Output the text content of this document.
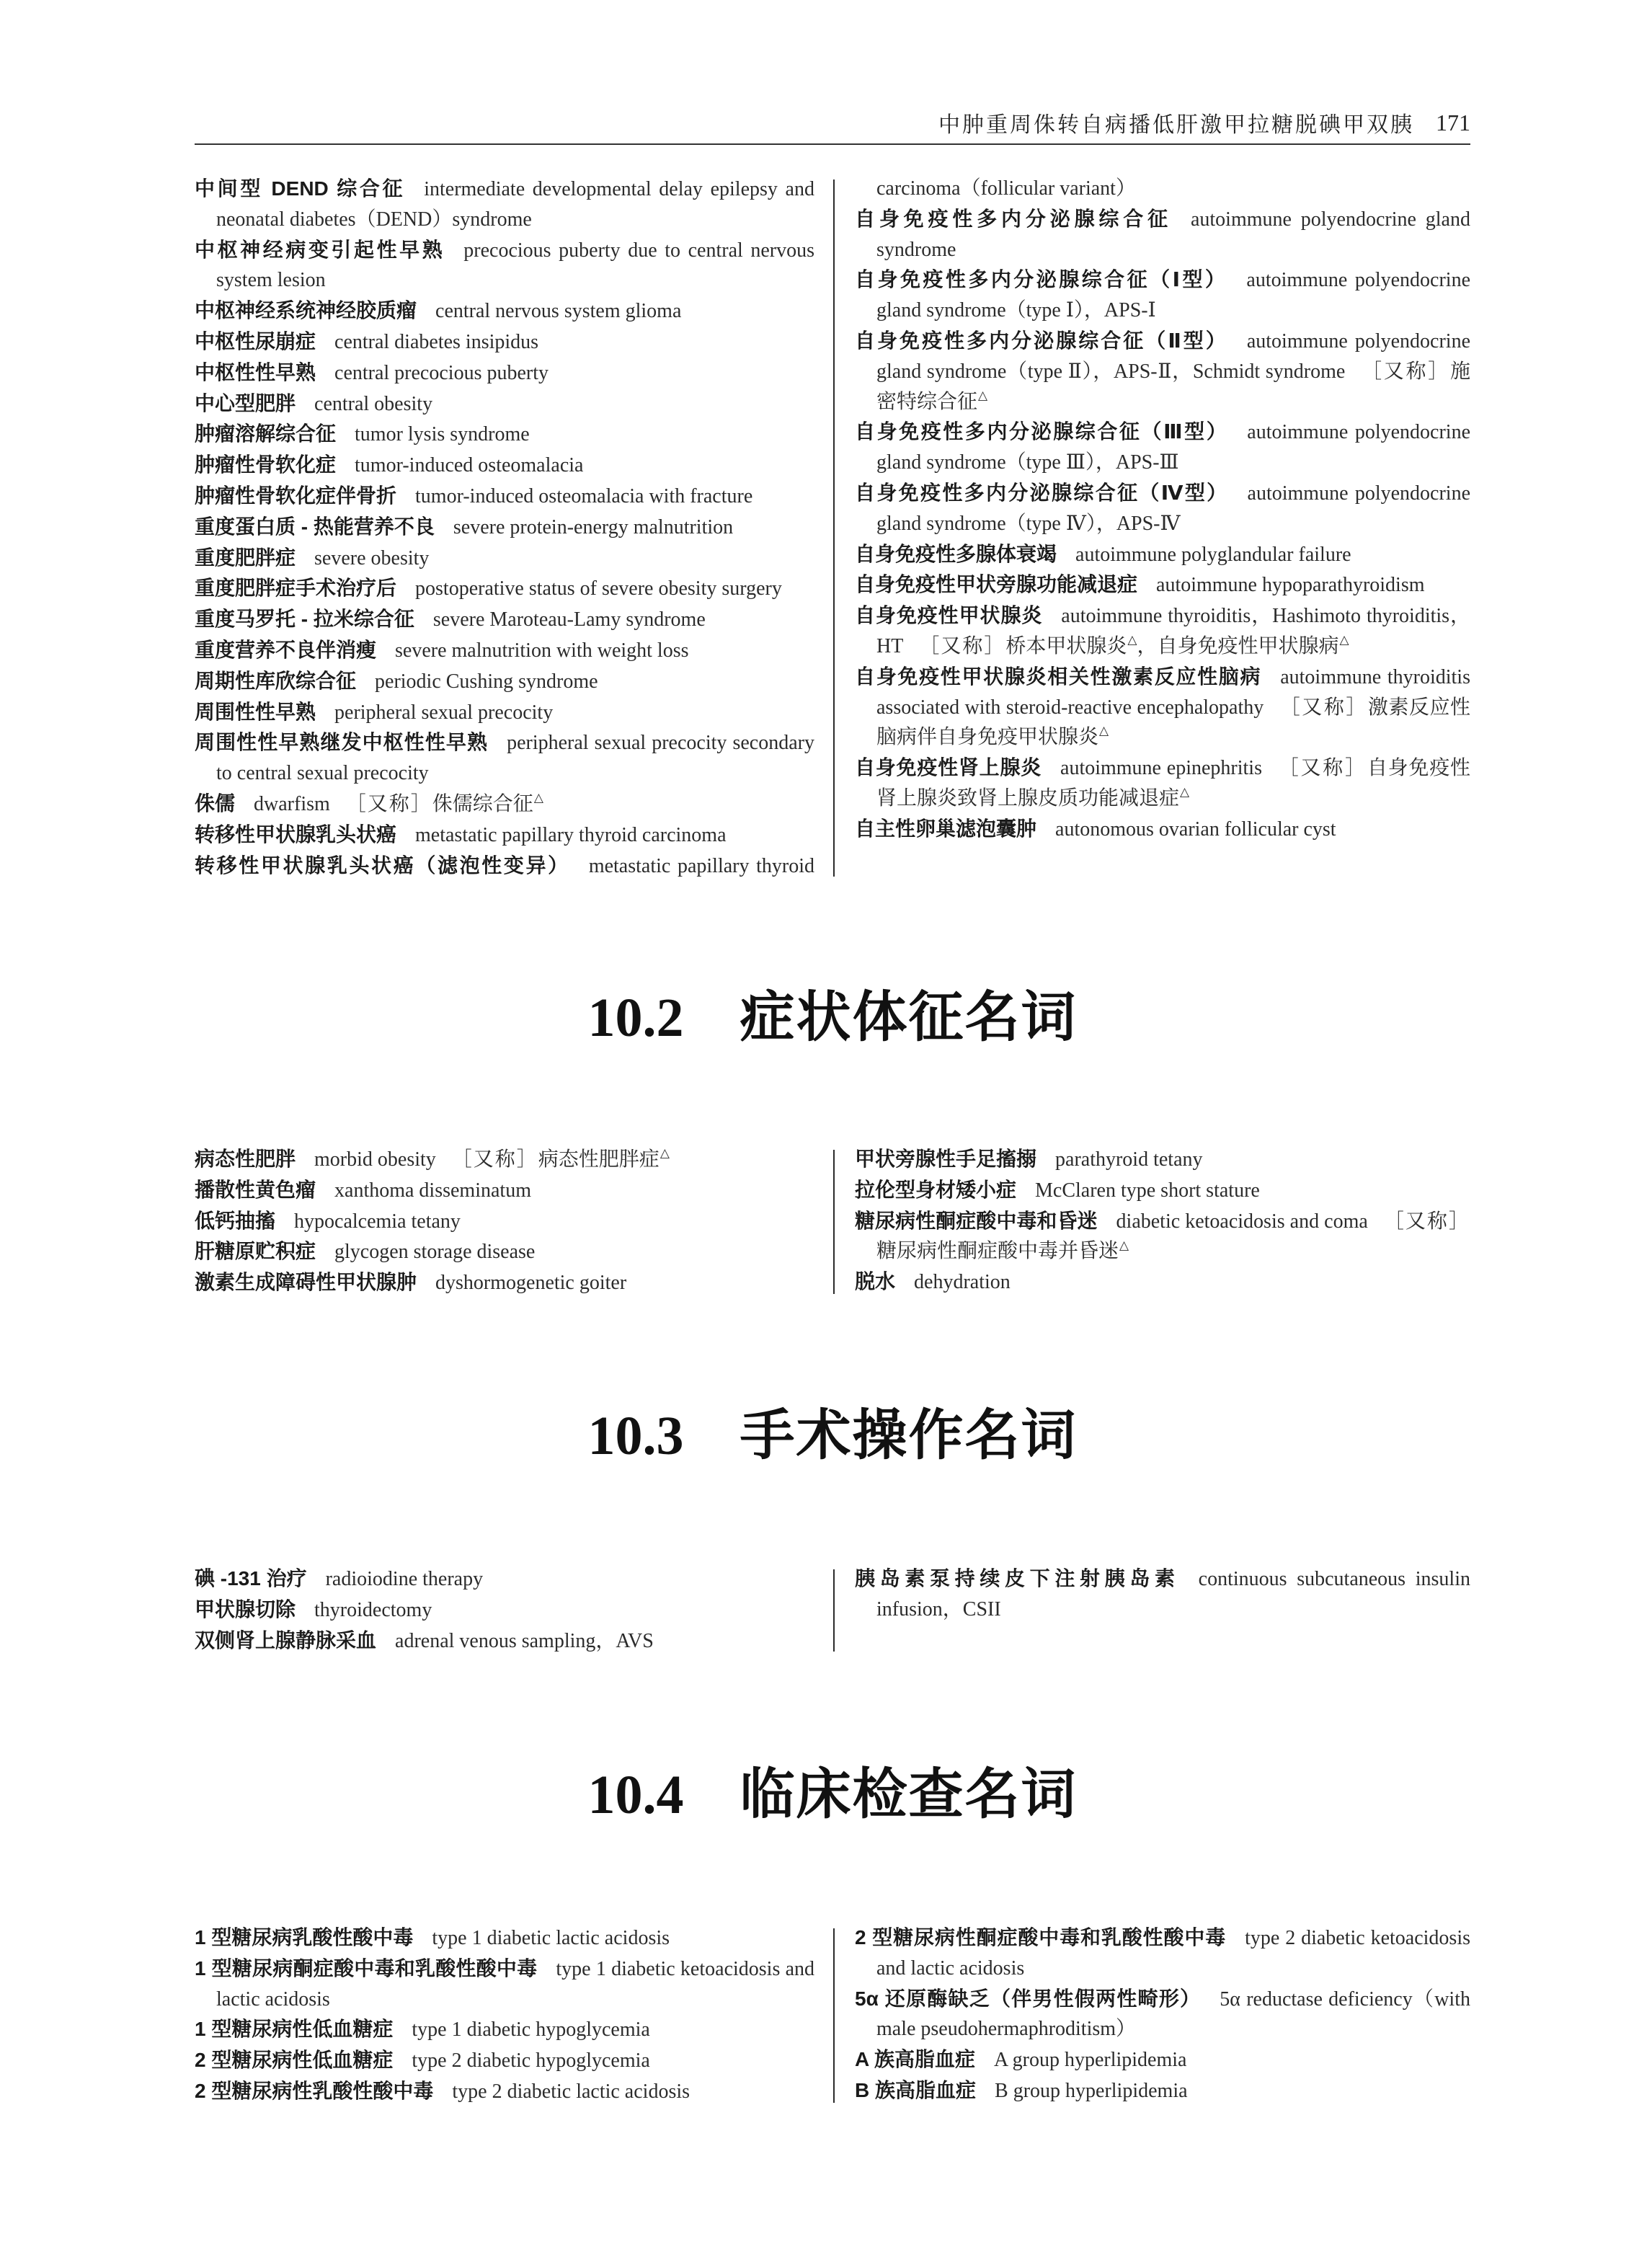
中肿重周侏转自病播低肝激甲拉糖脱碘甲双胰 171

中间型 DEND 综合征 intermediate developmental delay epilepsy and neonatal diabetes（DEND）syndrome

中枢神经病变引起性早熟 precocious puberty due to central nervous system lesion

中枢神经系统神经胶质瘤 central nervous system glioma

中枢性尿崩症 central diabetes insipidus

中枢性性早熟 central precocious puberty

中心型肥胖 central obesity

肿瘤溶解综合征 tumor lysis syndrome

肿瘤性骨软化症 tumor-induced osteomalacia

肿瘤性骨软化症伴骨折 tumor-induced osteomalacia with fracture

重度蛋白质 - 热能营养不良 severe protein-energy malnutrition

重度肥胖症 severe obesity

重度肥胖症手术治疗后 postoperative status of severe obesity surgery

重度马罗托 - 拉米综合征 severe Maroteau-Lamy syndrome

重度营养不良伴消瘦 severe malnutrition with weight loss

周期性库欣综合征 periodic Cushing syndrome

周围性性早熟 peripheral sexual precocity

周围性性早熟继发中枢性性早熟 peripheral sexual precocity secondary to central sexual precocity

侏儒 dwarfism ［又称］侏儒综合征△

转移性甲状腺乳头状癌 metastatic papillary thyroid carcinoma

转移性甲状腺乳头状癌（滤泡性变异） metastatic papillary thyroid

carcinoma（follicular variant）

自身免疫性多内分泌腺综合征 autoimmune polyendocrine gland syndrome

自身免疫性多内分泌腺综合征（Ⅰ型） autoimmune polyendocrine gland syndrome（type Ⅰ），APS-Ⅰ

自身免疫性多内分泌腺综合征（Ⅱ型） autoimmune polyendocrine gland syndrome（type Ⅱ），APS-Ⅱ，Schmidt syndrome ［又称］施密特综合征△

自身免疫性多内分泌腺综合征（Ⅲ型） autoimmune polyendocrine gland syndrome（type Ⅲ），APS-Ⅲ

自身免疫性多内分泌腺综合征（Ⅳ型） autoimmune polyendocrine gland syndrome（type Ⅳ），APS-Ⅳ

自身免疫性多腺体衰竭 autoimmune polyglandular failure

自身免疫性甲状旁腺功能减退症 autoimmune hypoparathyroidism

自身免疫性甲状腺炎 autoimmune thyroiditis，Hashimoto thyroiditis，HT ［又称］桥本甲状腺炎△，自身免疫性甲状腺病△

自身免疫性甲状腺炎相关性激素反应性脑病 autoimmune thyroiditis associated with steroid-reactive encephalopathy ［又称］激素反应性脑病伴自身免疫甲状腺炎△

自身免疫性肾上腺炎 autoimmune epinephritis ［又称］自身免疫性肾上腺炎致肾上腺皮质功能减退症△

自主性卵巢滤泡囊肿 autonomous ovarian follicular cyst

10.2 症状体征名词

病态性肥胖 morbid obesity ［又称］病态性肥胖症△

播散性黄色瘤 xanthoma disseminatum

低钙抽搐 hypocalcemia tetany

肝糖原贮积症 glycogen storage disease

激素生成障碍性甲状腺肿 dyshormogenetic goiter

甲状旁腺性手足搐搦 parathyroid tetany

拉伦型身材矮小症 McClaren type short stature

糖尿病性酮症酸中毒和昏迷 diabetic ketoacidosis and coma ［又称］糖尿病性酮症酸中毒并昏迷△

脱水 dehydration

10.3 手术操作名词

碘 -131 治疗 radioiodine therapy

甲状腺切除 thyroidectomy

双侧肾上腺静脉采血 adrenal venous sampling，AVS

胰岛素泵持续皮下注射胰岛素 continuous subcutaneous insulin infusion，CSII

10.4 临床检查名词

1 型糖尿病乳酸性酸中毒 type 1 diabetic lactic acidosis

1 型糖尿病酮症酸中毒和乳酸性酸中毒 type 1 diabetic ketoacidosis and lactic acidosis

1 型糖尿病性低血糖症 type 1 diabetic hypoglycemia

2 型糖尿病性低血糖症 type 2 diabetic hypoglycemia

2 型糖尿病性乳酸性酸中毒 type 2 diabetic lactic acidosis

2 型糖尿病性酮症酸中毒和乳酸性酸中毒 type 2 diabetic ketoacidosis and lactic acidosis

5α 还原酶缺乏（伴男性假两性畸形） 5α reductase deficiency（with male pseudohermaphroditism）

A 族高脂血症 A group hyperlipidemia

B 族高脂血症 B group hyperlipidemia
